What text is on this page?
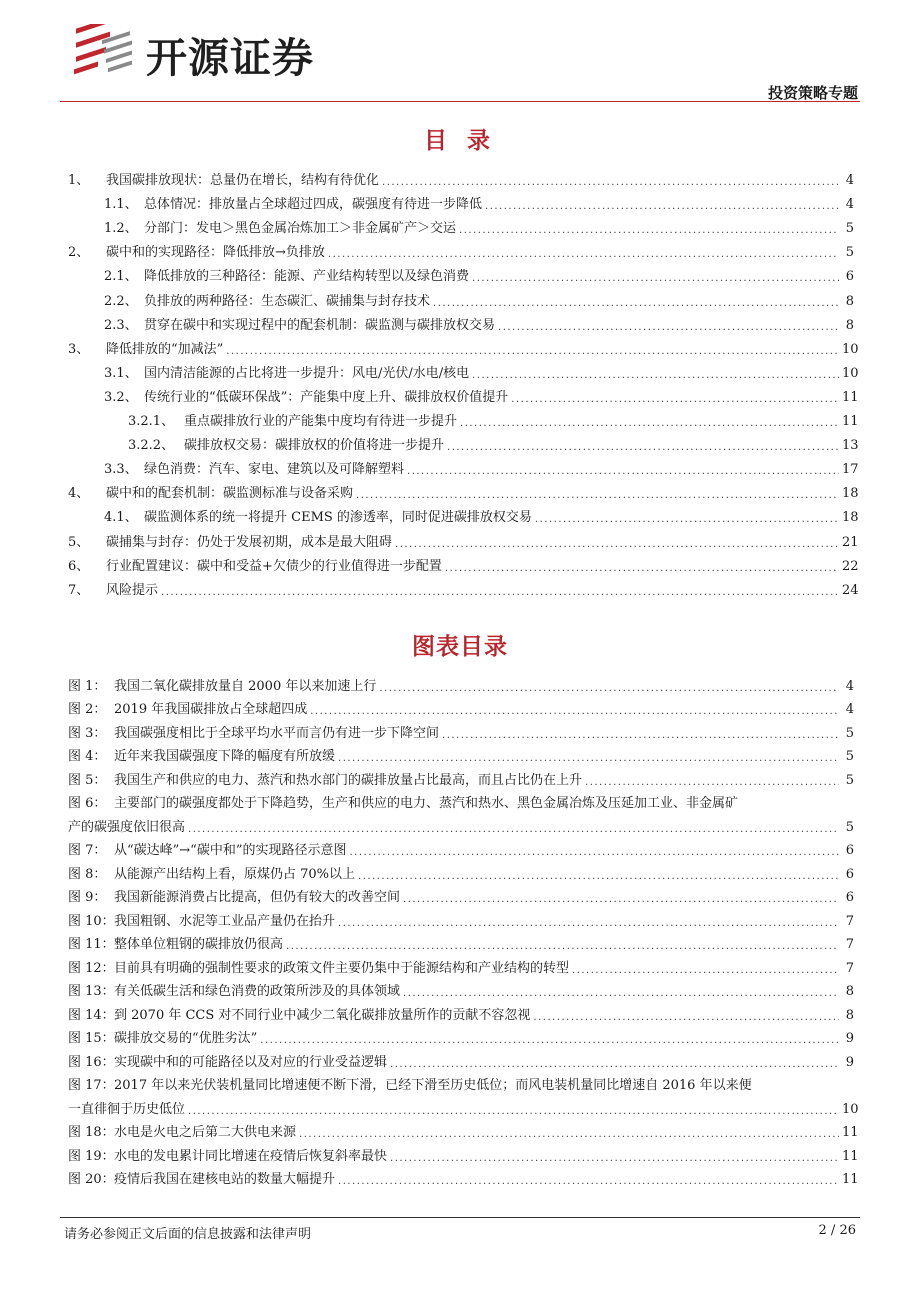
开源证券
投资策略专题
目 录
1、	我国碳排放现状：总量仍在增长，结构有待优化 .....	4
1.1、 总体情况：排放量占全球超过四成，碳强度有待进一步降低 .....	4
1.2、 分部门：发电＞黑色金属冶炼加工＞非金属矿产＞交运 .....	5
2、	碳中和的实现路径：降低排放→负排放 .....	5
2.1、 降低排放的三种路径：能源、产业结构转型以及绿色消费 .....	6
2.2、 负排放的两种路径：生态碳汇、碳捕集与封存技术 .....	8
2.3、 贯穿在碳中和实现过程中的配套机制：碳监测与碳排放权交易 .....	8
3、	降低排放的“加减法” .....	10
3.1、 国内清洁能源的占比将进一步提升：风电/光伏/水电/核电 .....	10
3.2、 传统行业的“低碳环保战”：产能集中度上升、碳排放权价值提升 .....	11
3.2.1、 重点碳排放行业的产能集中度均有待进一步提升 .....	11
3.2.2、 碳排放权交易：碳排放权的价值将进一步提升 .....	13
3.3、 绿色消费：汽车、家电、建筑以及可降解塑料 .....	17
4、	碳中和的配套机制：碳监测标准与设备采购 .....	18
4.1、 碳监测体系的统一将提升 CEMS 的渗透率，同时促进碳排放权交易 .....	18
5、	碳捕集与封存：仍处于发展初期，成本是最大阻碍 .....	21
6、	行业配置建议：碳中和受益+欠债少的行业值得进一步配置 .....	22
7、	风险提示 .....	24
图表目录
图 1： 我国二氧化碳排放量自 2000 年以来加速上行 .....	4
图 2： 2019 年我国碳排放占全球超四成 .....	4
图 3： 我国碳强度相比于全球平均水平而言仍有进一步下降空间 .....	5
图 4： 近年来我国碳强度下降的幅度有所放缓 .....	5
图 5： 我国生产和供应的电力、蒸汽和热水部门的碳排放量占比最高，而且占比仍在上升 .....	5
图 6： 主要部门的碳强度都处于下降趋势，生产和供应的电力、蒸汽和热水、黑色金属冶炼及压延加工业、非金属矿
产的碳强度依旧很高 .....	5
图 7： 从“碳达峰”→“碳中和”的实现路径示意图 .....	6
图 8： 从能源产出结构上看，原煤仍占 70%以上 .....	6
图 9： 我国新能源消费占比提高，但仍有较大的改善空间 .....	6
图 10： 我国粗钢、水泥等工业品产量仍在抬升 .....	7
图 11： 整体单位粗钢的碳排放仍很高 .....	7
图 12： 目前具有明确的强制性要求的政策文件主要仍集中于能源结构和产业结构的转型 .....	7
图 13： 有关低碳生活和绿色消费的政策所涉及的具体领域 .....	8
图 14： 到 2070 年 CCS 对不同行业中减少二氧化碳排放量所作的贡献不容忽视 .....	8
图 15： 碳排放交易的“优胜劣汰” .....	9
图 16： 实现碳中和的可能路径以及对应的行业受益逻辑 .....	9
图 17： 2017 年以来光伏装机量同比增速便不断下滑，已经下滑至历史低位；而风电装机量同比增速自 2016 年以来便
一直徘徊于历史低位 .....	10
图 18： 水电是火电之后第二大供电来源 .....	11
图 19： 水电的发电累计同比增速在疫情后恢复斜率最快 .....	11
图 20： 疫情后我国在建核电站的数量大幅提升 .....	11
请务必参阅正文后面的信息披露和法律声明	2 / 26
